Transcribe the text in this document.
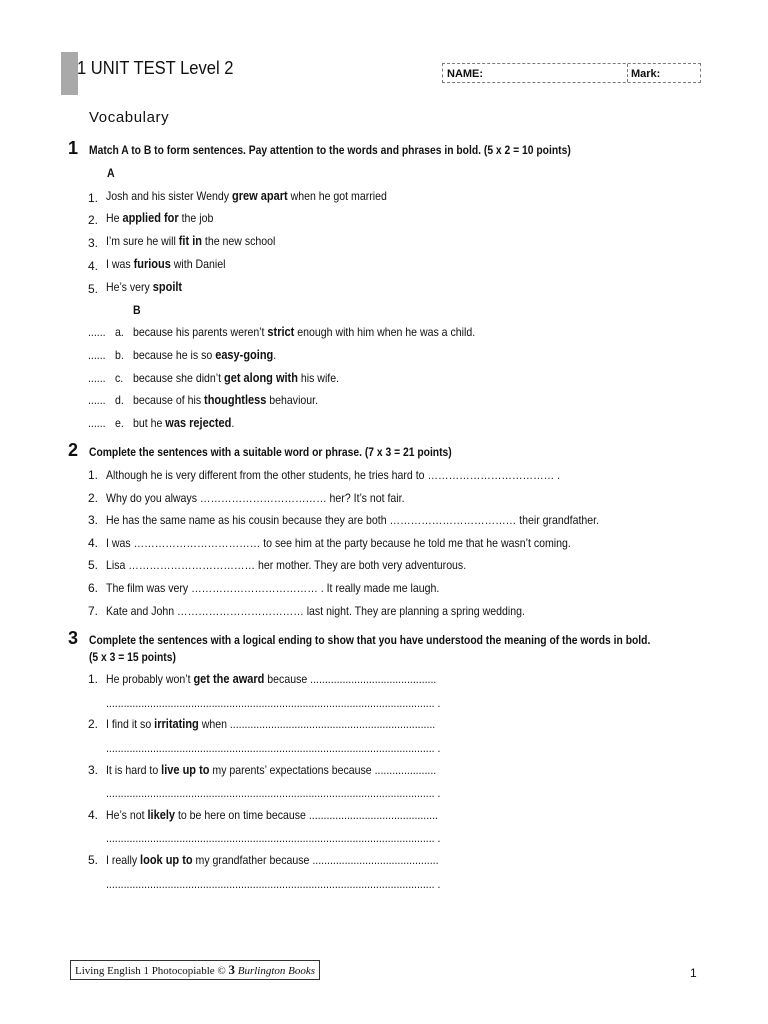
1 UNIT TEST Level 2	NAME:	Mark:
Vocabulary
1 Match A to B to form sentences. Pay attention to the words and phrases in bold. (5 x 2 = 10 points)
A
1. Josh and his sister Wendy grew apart when he got married
2. He applied for the job
3. I’m sure he will fit in the new school
4. I was furious with Daniel
5. He’s very spoilt
B
...... a. because his parents weren’t strict enough with him when he was a child.
...... b. because he is so easy-going.
...... c. because she didn’t get along with his wife.
...... d. because of his thoughtless behaviour.
...... e. but he was rejected.
2 Complete the sentences with a suitable word or phrase. (7 x 3 = 21 points)
1. Although he is very different from the other students, he tries hard to ……………………………… .
2. Why do you always ……………………………… her? It’s not fair.
3. He has the same name as his cousin because they are both ……………………………… their grandfather.
4. I was ……………………………… to see him at the party because he told me that he wasn’t coming.
5. Lisa ……………………………… her mother. They are both very adventurous.
6. The film was very ……………………………… . It really made me laugh.
7. Kate and John ……………………………… last night. They are planning a spring wedding.
3 Complete the sentences with a logical ending to show that you have understood the meaning of the words in bold.
(5 x 3 = 15 points)
1. He probably won’t get the award because ...........................................
................................................................................................................ .
2. I find it so irritating when ......................................................................
................................................................................................................ .
3. It is hard to live up to my parents’ expectations because .....................
................................................................................................................ .
4. He’s not likely to be here on time because ............................................
................................................................................................................ .
5. I really look up to my grandfather because ...........................................
................................................................................................................ .
Living English 1 Photocopiable © 3 Burlington Books	1
